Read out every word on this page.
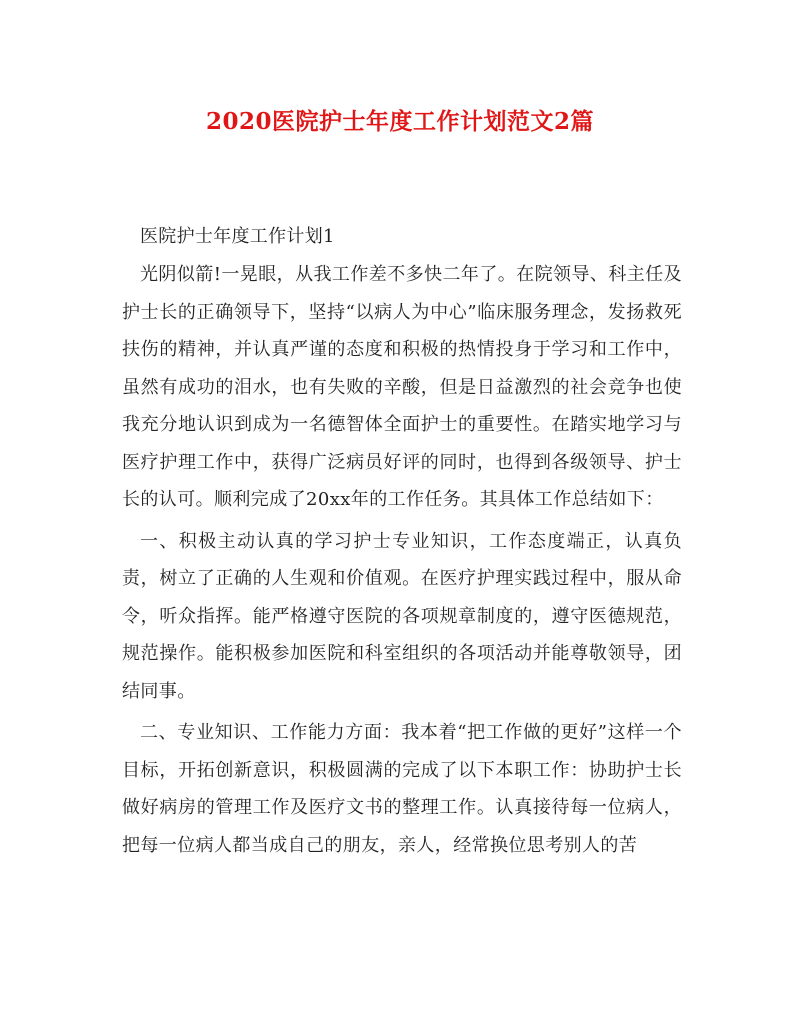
2020医院护士年度工作计划范文2篇

医院护士年度工作计划1

光阴似箭!一晃眼，从我工作差不多快二年了。在院领导、科主任及护士长的正确领导下，坚持“以病人为中心”临床服务理念，发扬救死扶伤的精神，并认真严谨的态度和积极的热情投身于学习和工作中，虽然有成功的泪水，也有失败的辛酸，但是日益激烈的社会竞争也使我充分地认识到成为一名德智体全面护士的重要性。在踏实地学习与医疗护理工作中，获得广泛病员好评的同时，也得到各级领导、护士长的认可。顺利完成了20xx年的工作任务。其具体工作总结如下：

一、积极主动认真的学习护士专业知识，工作态度端正，认真负责，树立了正确的人生观和价值观。在医疗护理实践过程中，服从命令，听众指挥。能严格遵守医院的各项规章制度的，遵守医德规范，规范操作。能积极参加医院和科室组织的各项活动并能尊敬领导，团结同事。

二、专业知识、工作能力方面：我本着“把工作做的更好”这样一个目标，开拓创新意识，积极圆满的完成了以下本职工作：协助护士长做好病房的管理工作及医疗文书的整理工作。认真接待每一位病人，把每一位病人都当成自己的朋友，亲人，经常换位思考别人的苦
